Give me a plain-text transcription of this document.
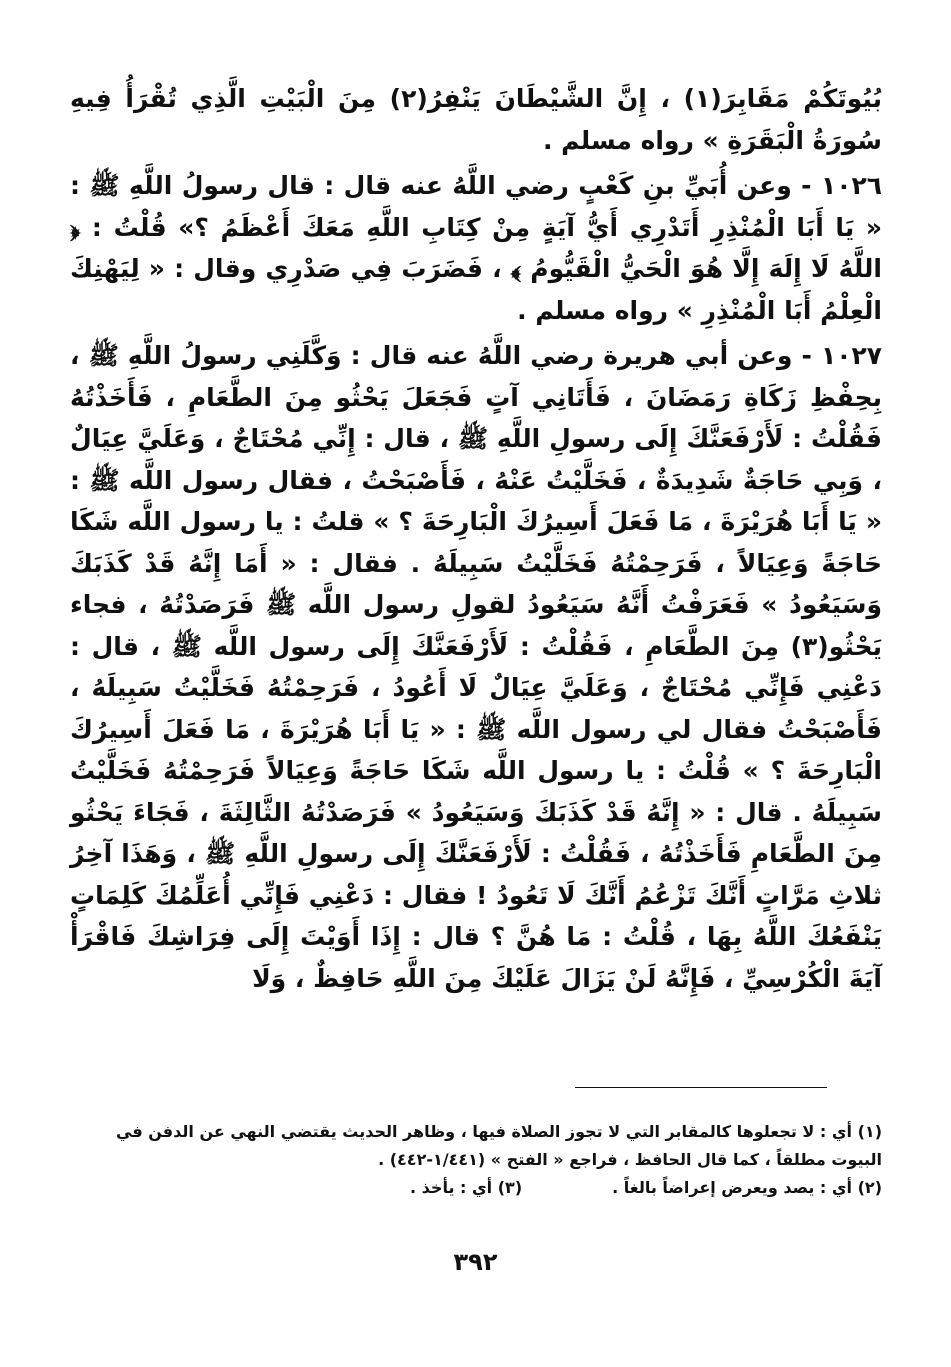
بُيُوتَكُمْ مَقَابِرَ(١) ، إِنَّ الشَّيْطَانَ يَنْفِرُ(٢) مِنَ الْبَيْتِ الَّذِي تُقْرَأُ فِيهِ سُورَةُ الْبَقَرَةِ » رواه مسلم .

١٠٢٦ - وعن أُبَيِّ بنِ كَعْبٍ رضي اللَّهُ عنه قال : قال رسولُ اللَّهِ ﷺ : « يَا أَبَا الْمُنْذِرِ أَتَدْرِي أَيُّ آيَةٍ مِنْ كِتَابِ اللَّهِ مَعَكَ أَعْظَمُ ؟» قُلْتُ : ﴿ اللَّهُ لَا إِلَهَ إِلَّا هُوَ الْحَيُّ الْقَيُّومُ ﴾ ، فَضَرَبَ فِي صَدْرِي وقال : « لِيَهْنِكَ الْعِلْمُ أَبَا الْمُنْذِرِ » رواه مسلم .

١٠٢٧ - وعن أبي هريرة رضي اللَّهُ عنه قال : وَكَّلَنِي رسولُ اللَّهِ ﷺ ، بِحِفْظِ زَكَاةِ رَمَضَانَ ، فَأَتَانِي آتٍ فَجَعَلَ يَحْثُو مِنَ الطَّعَامِ ، فَأَخَذْتُهُ فَقُلْتُ : لَأَرْفَعَنَّكَ إِلَى رسولِ اللَّهِ ﷺ ، قال : إِنِّي مُحْتَاجٌ ، وَعَلَيَّ عِيَالٌ ، وَبِي حَاجَةٌ شَدِيدَةٌ ، فَخَلَّيْتُ عَنْهُ ، فَأَصْبَحْتُ ، فقال رسول اللَّه ﷺ : « يَا أَبَا هُرَيْرَةَ ، مَا فَعَلَ أَسِيرُكَ الْبَارِحَةَ ؟ » قلتُ : يا رسول اللَّه شَكَا حَاجَةً وَعِيَالاً ، فَرَحِمْتُهُ فَخَلَّيْتُ سَبِيلَهُ . فقال : « أَمَا إِنَّهُ قَدْ كَذَبَكَ وَسَيَعُودُ » فَعَرَفْتُ أَنَّهُ سَيَعُودُ لقولِ رسول اللَّه ﷺ فَرَصَدْتُهُ ، فجاء يَحْثُو(٣) مِنَ الطَّعَامِ ، فَقُلْتُ : لَأَرْفَعَنَّكَ إِلَى رسول اللَّه ﷺ ، قال : دَعْنِي فَإِنِّي مُحْتَاجٌ ، وَعَلَيَّ عِيَالٌ لَا أَعُودُ ، فَرَحِمْتُهُ فَخَلَّيْتُ سَبِيلَهُ ، فَأَصْبَحْتُ فقال لي رسول اللَّه ﷺ : « يَا أَبَا هُرَيْرَةَ ، مَا فَعَلَ أَسِيرُكَ الْبَارِحَةَ ؟ » قُلْتُ : يا رسول اللَّه شَكَا حَاجَةً وَعِيَالاً فَرَحِمْتُهُ فَخَلَّيْتُ سَبِيلَهُ . قال : « إِنَّهُ قَدْ كَذَبَكَ وَسَيَعُودُ » فَرَصَدْتُهُ الثَّالِثَةَ ، فَجَاءَ يَحْثُو مِنَ الطَّعَامِ فَأَخَذْتُهُ ، فَقُلْتُ : لَأَرْفَعَنَّكَ إِلَى رسولِ اللَّهِ ﷺ ، وَهَذَا آخِرُ ثلاثِ مَرَّاتٍ أَنَّكَ تَزْعُمُ أَنَّكَ لَا تَعُودُ ! فقال : دَعْنِي فَإِنِّي أُعَلِّمُكَ كَلِمَاتٍ يَنْفَعُكَ اللَّهُ بِهَا ، قُلْتُ : مَا هُنَّ ؟ قال : إِذَا أَوَيْتَ إِلَى فِرَاشِكَ فَاقْرَأْ آيَةَ الْكُرْسِيِّ ، فَإِنَّهُ لَنْ يَزَالَ عَلَيْكَ مِنَ اللَّهِ حَافِظٌ ، وَلَا

(١) أي : لا تجعلوها كالمقابر التي لا تجوز الصلاة فيها ، وظاهر الحديث يقتضي النهي عن الدفن في البيوت مطلقاً ، كما قال الحافظ ، فراجع « الفتح » (١/٤٤١-٤٤٢) .

(٢) أي : يصد ويعرض إعراضاً بالغاً .
(٣) أي : يأخذ .
٣٩٢
